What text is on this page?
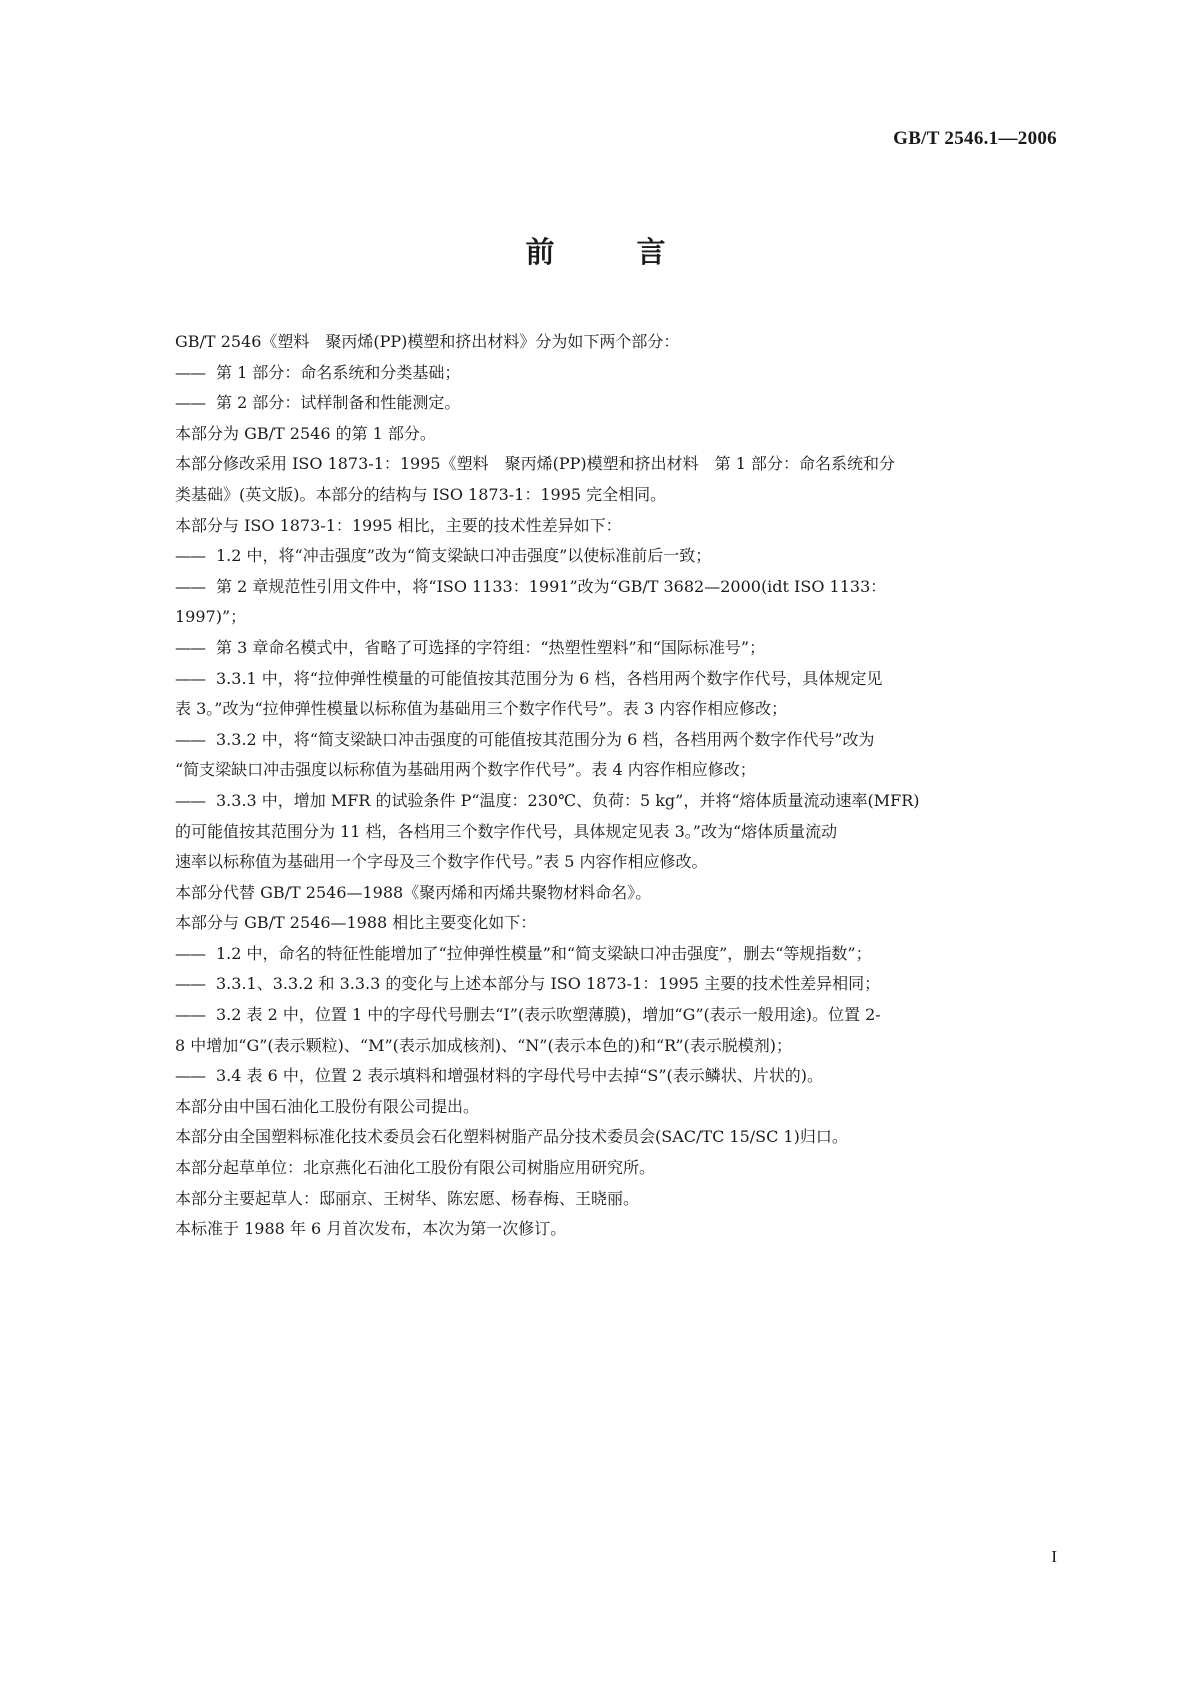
GB/T 2546.1—2006
前 言
GB/T 2546《塑料　聚丙烯(PP)模塑和挤出材料》分为如下两个部分：
—— 第 1 部分：命名系统和分类基础；
—— 第 2 部分：试样制备和性能测定。
本部分为 GB/T 2546 的第 1 部分。
本部分修改采用 ISO 1873-1：1995《塑料　聚丙烯(PP)模塑和挤出材料　第 1 部分：命名系统和分

类基础》(英文版)。本部分的结构与 ISO 1873-1：1995 完全相同。
本部分与 ISO 1873-1：1995 相比，主要的技术性差异如下：
—— 1.2 中，将“冲击强度”改为“简支梁缺口冲击强度”以使标准前后一致；
—— 第 2 章规范性引用文件中，将“ISO 1133：1991”改为“GB/T 3682—2000(idt ISO 1133：

1997)”；
—— 第 3 章命名模式中，省略了可选择的字符组：“热塑性塑料”和“国际标准号”；
—— 3.3.1 中，将“拉伸弹性模量的可能值按其范围分为 6 档，各档用两个数字作代号，具体规定见

表 3。”改为“拉伸弹性模量以标称值为基础用三个数字作代号”。表 3 内容作相应修改；
—— 3.3.2 中，将“简支梁缺口冲击强度的可能值按其范围分为 6 档，各档用两个数字作代号”改为

“简支梁缺口冲击强度以标称值为基础用两个数字作代号”。表 4 内容作相应修改；
—— 3.3.3 中，增加 MFR 的试验条件 P“温度：230℃、负荷：5 kg”，并将“熔体质量流动速率(MFR)

的可能值按其范围分为 11 档，各档用三个数字作代号，具体规定见表 3。”改为“熔体质量流动
速率以标称值为基础用一个字母及三个数字作代号。”表 5 内容作相应修改。
本部分代替 GB/T 2546—1988《聚丙烯和丙烯共聚物材料命名》。
本部分与 GB/T 2546—1988 相比主要变化如下：
—— 1.2 中，命名的特征性能增加了“拉伸弹性模量”和“简支梁缺口冲击强度”，删去“等规指数”；
—— 3.3.1、3.3.2 和 3.3.3 的变化与上述本部分与 ISO 1873-1：1995 主要的技术性差异相同；
—— 3.2 表 2 中，位置 1 中的字母代号删去“I”(表示吹塑薄膜)，增加“G”(表示一般用途)。位置 2-

8 中增加“G”(表示颗粒)、“M”(表示加成核剂)、“N”(表示本色的)和“R”(表示脱模剂)；
—— 3.4 表 6 中，位置 2 表示填料和增强材料的字母代号中去掉“S”(表示鳞状、片状的)。
本部分由中国石油化工股份有限公司提出。
本部分由全国塑料标准化技术委员会石化塑料树脂产品分技术委员会(SAC/TC 15/SC 1)归口。
本部分起草单位：北京燕化石油化工股份有限公司树脂应用研究所。
本部分主要起草人：邸丽京、王树华、陈宏愿、杨春梅、王晓丽。
本标准于 1988 年 6 月首次发布，本次为第一次修订。
I
